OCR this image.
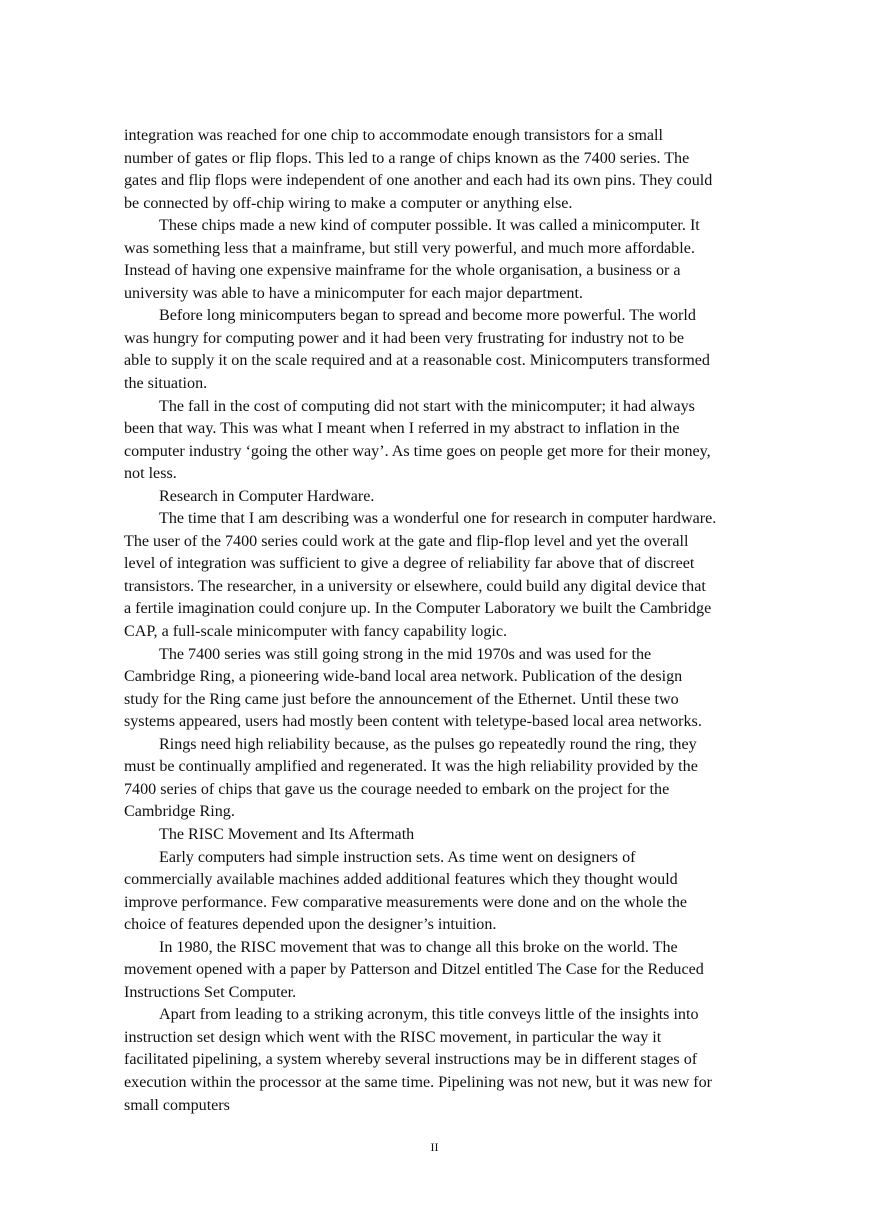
integration was reached for one chip to accommodate enough transistors for a small
number of gates or flip flops. This led to a range of chips known as the 7400 series. The
gates and flip flops were independent of one another and each had its own pins. They could
be connected by off-chip wiring to make a computer or anything else.
These chips made a new kind of computer possible. It was called a minicomputer. It
was something less that a mainframe, but still very powerful, and much more affordable.
Instead of having one expensive mainframe for the whole organisation, a business or a
university was able to have a minicomputer for each major department.
Before long minicomputers began to spread and become more powerful. The world
was hungry for computing power and it had been very frustrating for industry not to be
able to supply it on the scale required and at a reasonable cost. Minicomputers transformed
the situation.
The fall in the cost of computing did not start with the minicomputer; it had always
been that way. This was what I meant when I referred in my abstract to inflation in the
computer industry ‘going the other way’. As time goes on people get more for their money,
not less.
Research in Computer Hardware.
The time that I am describing was a wonderful one for research in computer hardware.
The user of the 7400 series could work at the gate and flip-flop level and yet the overall
level of integration was sufficient to give a degree of reliability far above that of discreet
transistors. The researcher, in a university or elsewhere, could build any digital device that
a fertile imagination could conjure up. In the Computer Laboratory we built the Cambridge
CAP, a full-scale minicomputer with fancy capability logic.
The 7400 series was still going strong in the mid 1970s and was used for the
Cambridge Ring, a pioneering wide-band local area network. Publication of the design
study for the Ring came just before the announcement of the Ethernet. Until these two
systems appeared, users had mostly been content with teletype-based local area networks.
Rings need high reliability because, as the pulses go repeatedly round the ring, they
must be continually amplified and regenerated. It was the high reliability provided by the
7400 series of chips that gave us the courage needed to embark on the project for the
Cambridge Ring.
The RISC Movement and Its Aftermath
Early computers had simple instruction sets. As time went on designers of
commercially available machines added additional features which they thought would
improve performance. Few comparative measurements were done and on the whole the
choice of features depended upon the designer’s intuition.
In 1980, the RISC movement that was to change all this broke on the world. The
movement opened with a paper by Patterson and Ditzel entitled The Case for the Reduced
Instructions Set Computer.
Apart from leading to a striking acronym, this title conveys little of the insights into
instruction set design which went with the RISC movement, in particular the way it
facilitated pipelining, a system whereby several instructions may be in different stages of
execution within the processor at the same time. Pipelining was not new, but it was new for
small computers
II
